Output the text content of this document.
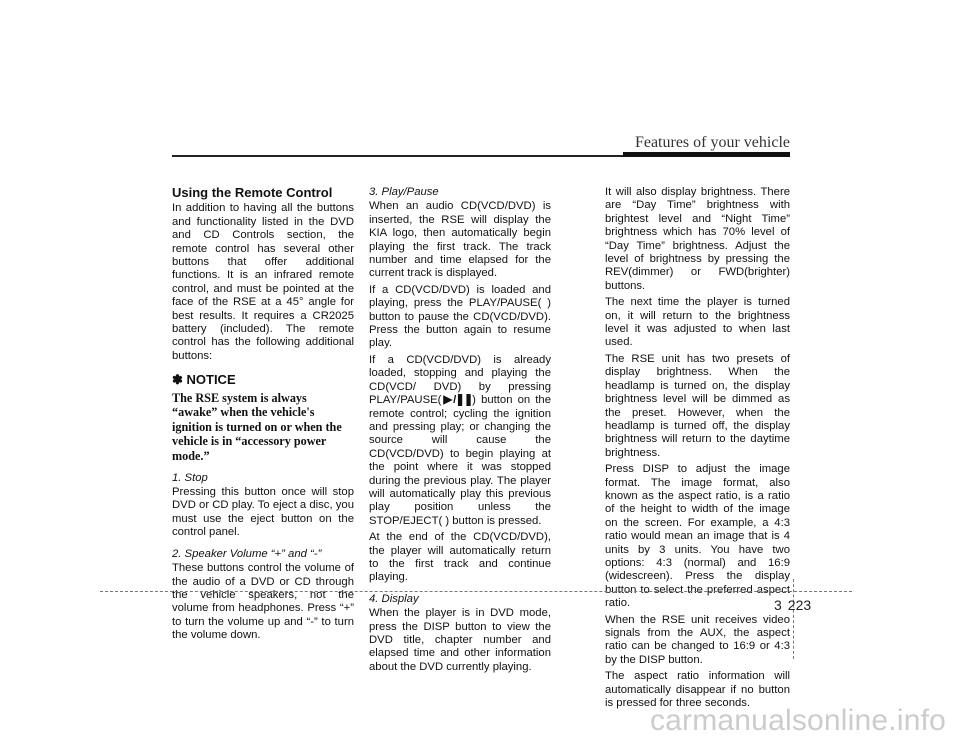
Features of your vehicle
Using the Remote Control

In addition to having all the buttons and functionality listed in the DVD and CD Controls section, the remote control has several other buttons that offer additional functions. It is an infrared remote control, and must be pointed at the face of the RSE at a 45° angle for best results. It requires a CR2025 battery (included). The remote control has the following additional buttons:

✽ NOTICE

The RSE system is always “awake” when the vehicle's ignition is turned on or when the vehicle is in “accessory power mode.”

1. Stop

Pressing this button once will stop DVD or CD play. To eject a disc, you must use the eject button on the control panel.

2. Speaker Volume “+” and “-”

These buttons control the volume of the audio of a DVD or CD through the vehicle speakers, not the volume from headphones. Press “+” to turn the volume up and “-” to turn the volume down.

3. Play/Pause

When an audio CD(VCD/DVD) is inserted, the RSE will display the KIA logo, then automatically begin playing the first track. The track number and time elapsed for the current track is displayed.

If a CD(VCD/DVD) is loaded and playing, press the PLAY/PAUSE( ) button to pause the CD(VCD/DVD). Press the button again to resume play.

If a CD(VCD/DVD) is already loaded, stopping and playing the CD(VCD/ DVD) by pressing PLAY/PAUSE(▶/❚❚) button on the remote control; cycling the ignition and pressing play; or changing the source will cause the CD(VCD/DVD) to begin playing at the point where it was stopped during the previous play. The player will automatically play this previous play position unless the STOP/EJECT( ) button is pressed.

At the end of the CD(VCD/DVD), the player will automatically return to the first track and continue playing.

4. Display

When the player is in DVD mode, press the DISP button to view the DVD title, chapter number and elapsed time and other information about the DVD currently playing.

It will also display brightness. There are “Day Time” brightness with brightest level and “Night Time” brightness which has 70% level of “Day Time” brightness. Adjust the level of brightness by pressing the REV(dimmer) or FWD(brighter) buttons.

The next time the player is turned on, it will return to the brightness level it was adjusted to when last used.

The RSE unit has two presets of display brightness. When the headlamp is turned on, the display brightness level will be dimmed as the preset. However, when the headlamp is turned off, the display brightness will return to the daytime brightness.

Press DISP to adjust the image format. The image format, also known as the aspect ratio, is a ratio of the height to width of the image on the screen. For example, a 4:3 ratio would mean an image that is 4 units by 3 units. You have two options: 4:3 (normal) and 16:9 (widescreen). Press the display button to select the preferred aspect ratio.

When the RSE unit receives video signals from the AUX, the aspect ratio can be changed to 16:9 or 4:3 by the DISP button.

The aspect ratio information will automatically disappear if no button is pressed for three seconds.

3 223
carmanualsonline.info
